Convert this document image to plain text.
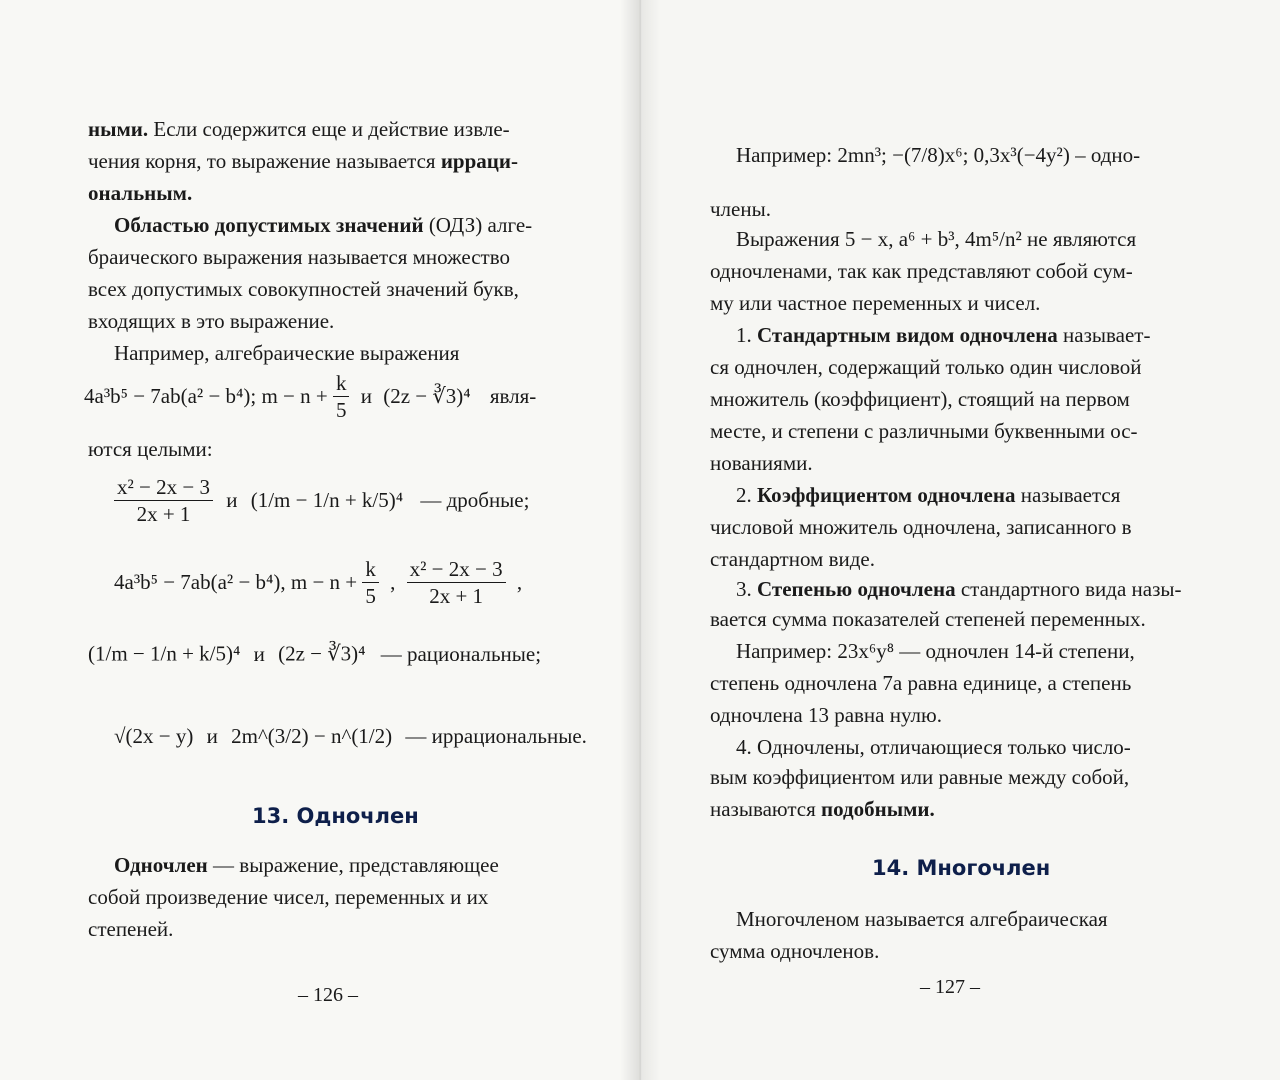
ными. Если содержится еще и действие извле-
чения корня, то выражение называется ирраци-
ональным.
Областью допустимых значений (ОДЗ) алге-
браического выражения называется множество
всех допустимых совокупностей значений букв,
входящих в это выражение.
Например, алгебраические выражения
4a³b⁵ − 7ab(a² − b⁴); $m - n + \frac{k}{5}$ и (2z − ∛3)⁴ явля-
ются целыми:
$\frac{\text{x² − 2x − 3}}{2x + 1}$ и (1/m − 1/n + k/5)⁴ — дробные;
4a³b⁵ − 7ab(a² − b⁴), $m - n + \frac{k}{5}$ , $\frac{\text{x² − 2x − 3}}{2x + 1}$ ,
(1/m − 1/n + k/5)⁴ и (2z − ∛3)⁴ — рациональные;
√(2x − y) и 2m^(3/2) − n^(1/2) — иррациональные.
13. Одночлен
Одночлен — выражение, представляющее
собой произведение чисел, переменных и их
степеней.
– 126 –
Например: 2mn³; −(7/8)x⁶; 0,3x³(−4y²) – одно-
члены.
Выражения 5 − x, a⁶ + b³, 4m⁵/n² не являются
одночленами, так как представляют собой сум-
му или частное переменных и чисел.
1. Стандартным видом одночлена называет-
ся одночлен, содержащий только один числовой
множитель (коэффициент), стоящий на первом
месте, и степени с различными буквенными ос-
нованиями.
2. Коэффициентом одночлена называется
числовой множитель одночлена, записанного в
стандартном виде.
3. Степенью одночлена стандартного вида назы-
вается сумма показателей степеней переменных.
Например: 23x⁶y⁸ — одночлен 14-й степени,
степень одночлена 7a равна единице, а степень
одночлена 13 равна нулю.
4. Одночлены, отличающиеся только число-
вым коэффициентом или равные между собой,
называются подобными.
14. Многочлен
Многочленом называется алгебраическая
сумма одночленов.
– 127 –
